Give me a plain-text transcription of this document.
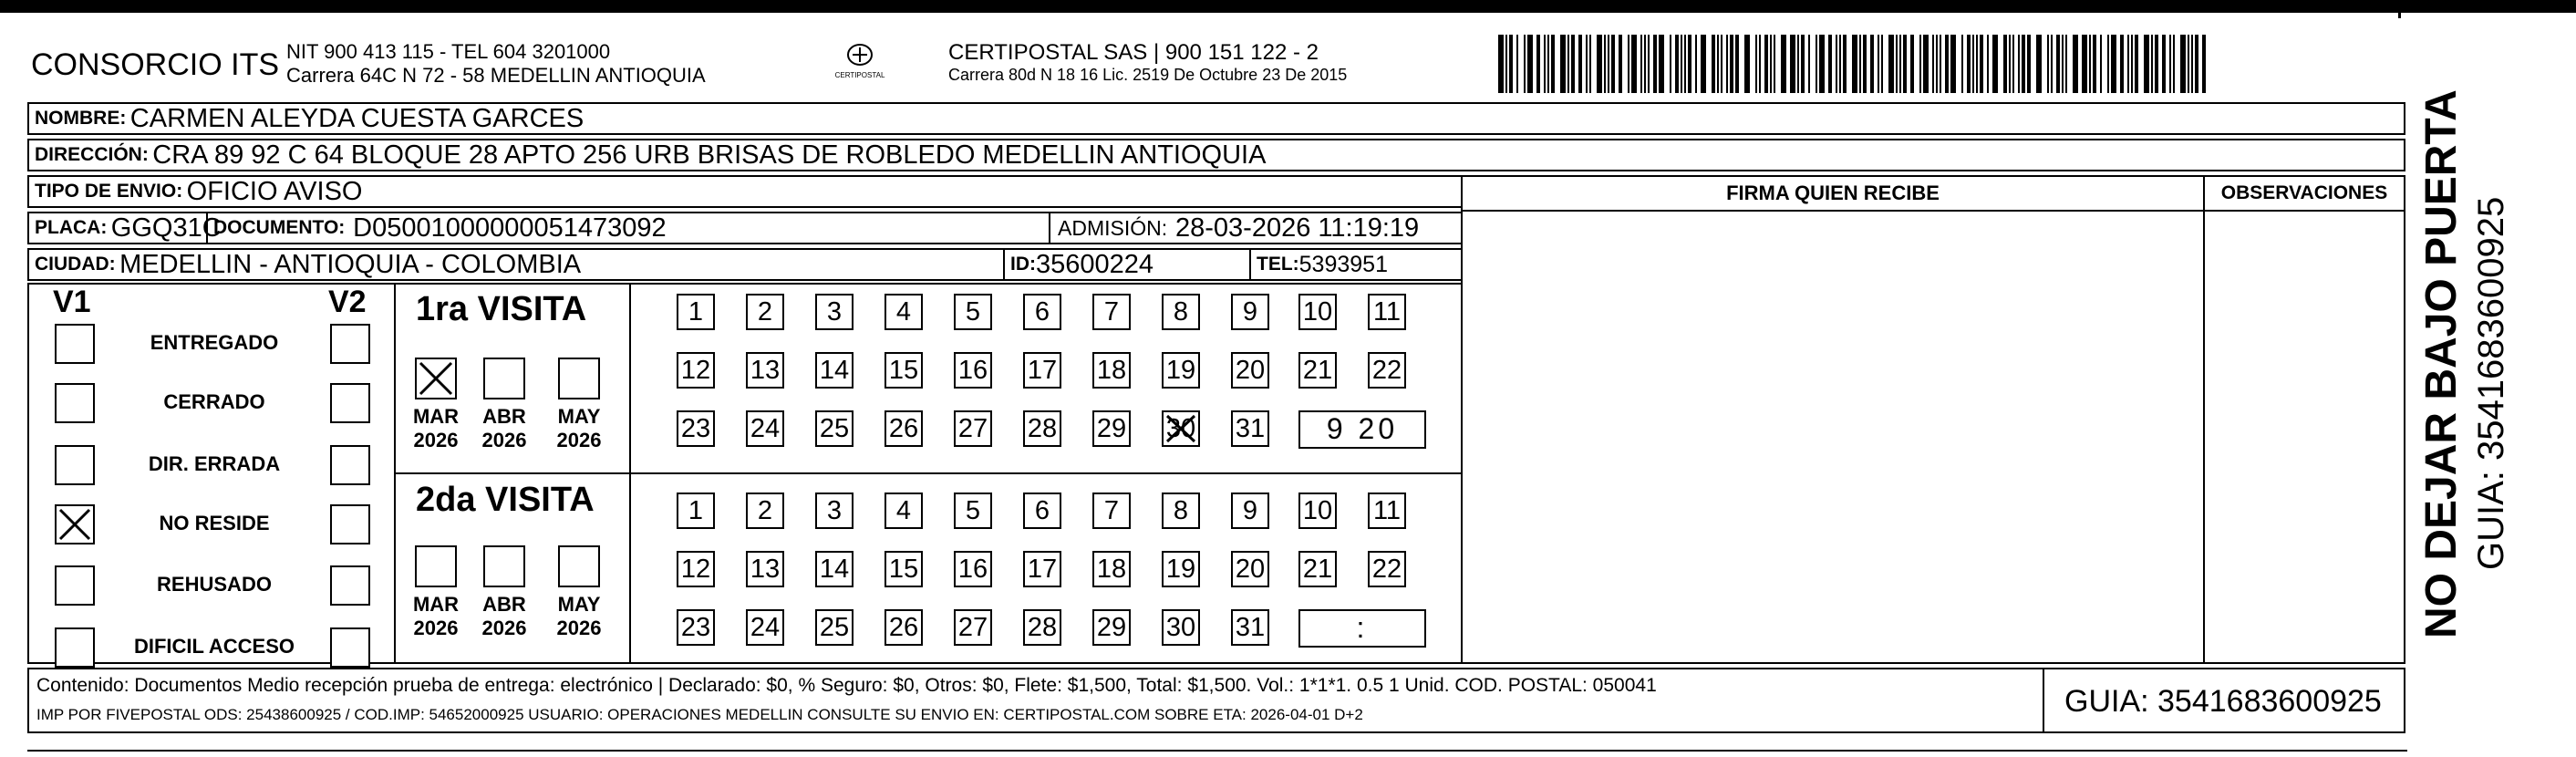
CONSORCIO ITS NIT 900 413 115 - TEL 604 3201000
Carrera 64C N 72 - 58 MEDELLIN ANTIOQUIA	CERTIPOSTAL
CERTIPOSTAL SAS | 900 151 122 - 2
Carrera 80d N 18 16 Lic. 2519 De Octubre 23 De 2015
NOMBRE:
CARMEN ALEYDA CUESTA GARCES
DIRECCIÓN:
CRA 89 92 C 64 BLOQUE 28 APTO 256 URB BRISAS DE ROBLEDO MEDELLIN ANTIOQUIA
TIPO DE ENVIO:
OFICIO AVISO
PLACA:
GGQ31C
DOCUMENTO:
D05001000000051473092	ADMISIÓN:
28-03-2026 11:19:19
CIUDAD:
MEDELLIN - ANTIOQUIA - COLOMBIA	ID: 35600224	TEL: 5393951
FIRMA QUIEN RECIBE	OBSERVACIONES
V1	V2
ENTREGADO
CERRADO
DIR. ERRADA
NO RESIDE
REHUSADO
DIFICIL ACCESO
1ra VISITA
2da VISITA
MAR
2026
ABR
2026
MAY
2026
MAR
2026
ABR
2026
MAY
2026
1	2	3	4	5	6	7	8	9	10 11
12 13 14 15 16 17 18 19 20 21 22
23 24 25 26 27 28 29 30 31	9 20
1	2	3	4	5	6	7	8	9	10 11
12 13 14 15 16 17 18 19 20 21 22
23 24 25 26 27 28 29 30 31	:
Contenido: Documentos Medio recepción prueba de entrega: electrónico | Declarado: $0, % Seguro: $0, Otros: $0, Flete: $1,500, Total: $1,500. Vol.: 1*1*1. 0.5 1 Unid. COD. POSTAL: 050041
IMP POR FIVEPOSTAL ODS: 25438600925 / COD.IMP: 54652000925 USUARIO: OPERACIONES MEDELLIN CONSULTE SU ENVIO EN: CERTIPOSTAL.COM SOBRE ETA: 2026-04-01 D+2	GUIA: 3541683600925
NO DEJAR BAJO PUERTA GUIA: 3541683600925
